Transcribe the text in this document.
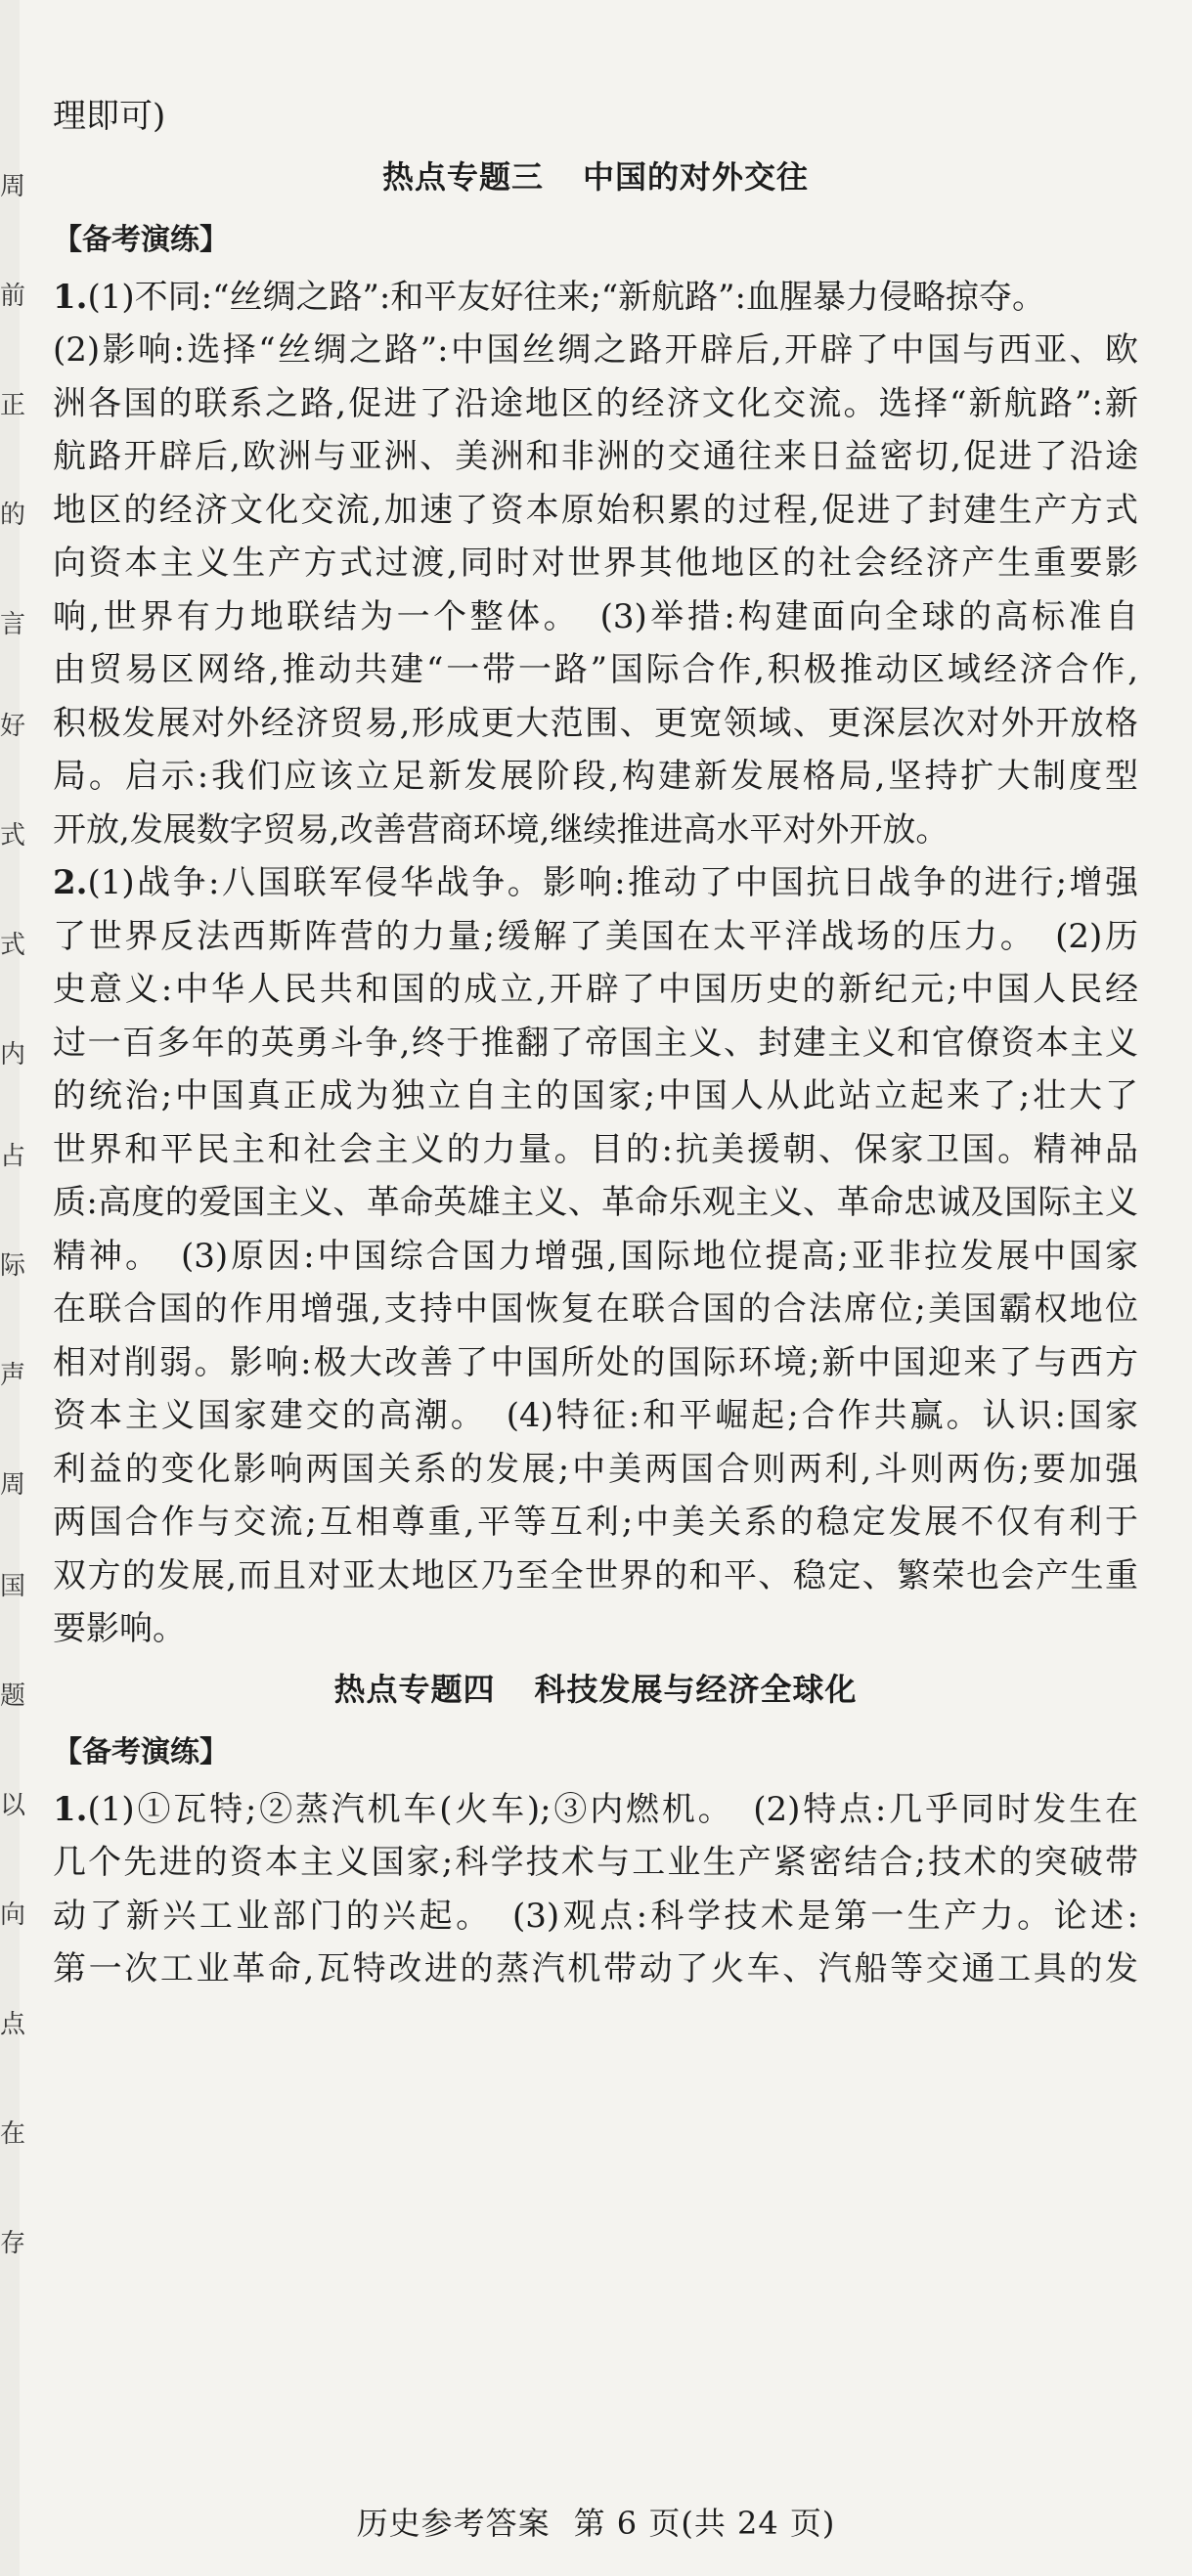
周
前
正
的
言
好
式
式
内
占
际
声
周
国
题
以
向
点
在
存
理即可)
热点专题三 中国的对外交往
【备考演练】
1.(1)不同:“丝绸之路”:和平友好往来;“新航路”:血腥暴力侵略掠夺。
(2)影响:选择“丝绸之路”:中国丝绸之路开辟后,开辟了中国与西亚、欧
洲各国的联系之路,促进了沿途地区的经济文化交流。选择“新航路”:新
航路开辟后,欧洲与亚洲、美洲和非洲的交通往来日益密切,促进了沿途
地区的经济文化交流,加速了资本原始积累的过程,促进了封建生产方式
向资本主义生产方式过渡,同时对世界其他地区的社会经济产生重要影
响,世界有力地联结为一个整体。　(3)举措:构建面向全球的高标准自
由贸易区网络,推动共建“一带一路”国际合作,积极推动区域经济合作,
积极发展对外经济贸易,形成更大范围、更宽领域、更深层次对外开放格
局。启示:我们应该立足新发展阶段,构建新发展格局,坚持扩大制度型
开放,发展数字贸易,改善营商环境,继续推进高水平对外开放。
2.(1)战争:八国联军侵华战争。影响:推动了中国抗日战争的进行;增强
了世界反法西斯阵营的力量;缓解了美国在太平洋战场的压力。　(2)历
史意义:中华人民共和国的成立,开辟了中国历史的新纪元;中国人民经
过一百多年的英勇斗争,终于推翻了帝国主义、封建主义和官僚资本主义
的统治;中国真正成为独立自主的国家;中国人从此站立起来了;壮大了
世界和平民主和社会主义的力量。目的:抗美援朝、保家卫国。精神品
质:高度的爱国主义、革命英雄主义、革命乐观主义、革命忠诚及国际主义
精神。　(3)原因:中国综合国力增强,国际地位提高;亚非拉发展中国家
在联合国的作用增强,支持中国恢复在联合国的合法席位;美国霸权地位
相对削弱。影响:极大改善了中国所处的国际环境;新中国迎来了与西方
资本主义国家建交的高潮。　(4)特征:和平崛起;合作共赢。认识:国家
利益的变化影响两国关系的发展;中美两国合则两利,斗则两伤;要加强
两国合作与交流;互相尊重,平等互利;中美关系的稳定发展不仅有利于
双方的发展,而且对亚太地区乃至全世界的和平、稳定、繁荣也会产生重
要影响。
热点专题四 科技发展与经济全球化
【备考演练】
1.(1)①瓦特;②蒸汽机车(火车);③内燃机。　(2)特点:几乎同时发生在
几个先进的资本主义国家;科学技术与工业生产紧密结合;技术的突破带
动了新兴工业部门的兴起。　(3)观点:科学技术是第一生产力。论述:
第一次工业革命,瓦特改进的蒸汽机带动了火车、汽船等交通工具的发
历史参考答案 第 6 页(共 24 页)
